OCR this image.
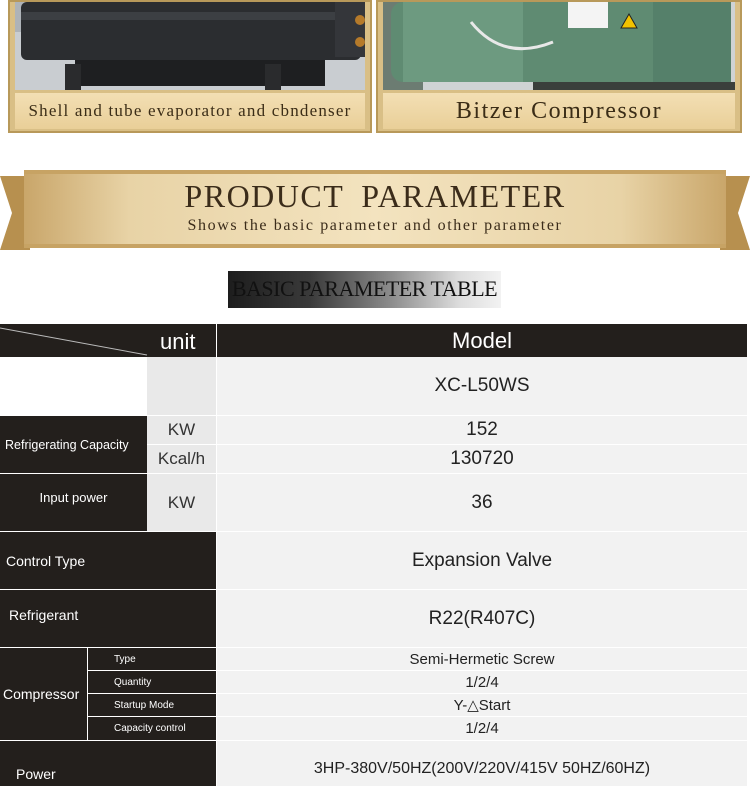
Shell and tube evaporator and cbndenser	Bitzer Compressor
PRODUCT PARAMETER
Shows the basic parameter and other parameter
BASIC PARAMETER TABLE
unit	Model
XC-L50WS
Refrigerating Capacity
KW	152
Kcal/h	130720
Input power	KW	36
Control Type	Expansion Valve
Refrigerant	R22(R407C)
Compressor
Type	Semi-Hermetic Screw
Quantity	1/2/4
Startup Mode	Y-△Start
Capacity control	1/2/4
Power	3HP-380V/50HZ(200V/220V/415V 50HZ/60HZ)
